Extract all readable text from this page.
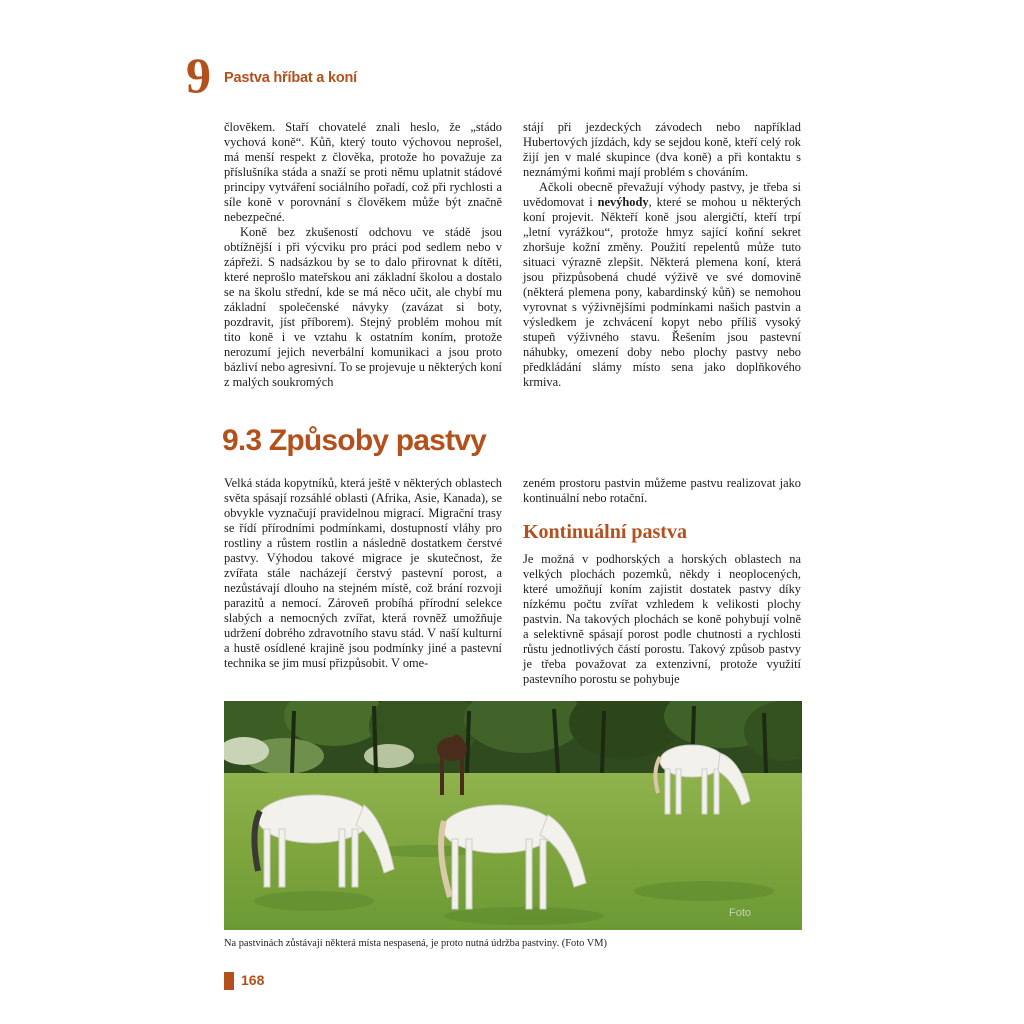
9 Pastva hříbat a koní

člověkem. Staří chovatelé znali heslo, že „stádo vychová koně“. Kůň, který touto výchovou neprošel, má menší respekt z člověka, protože ho považuje za příslušníka stáda a snaží se proti němu uplatnit stádové principy vytváření sociálního pořadí, což při rychlosti a síle koně v porovnání s člověkem může být značně nebezpečné.

Koně bez zkušeností odchovu ve stádě jsou obtížnější i při výcviku pro práci pod sedlem nebo v zápřeži. S nadsázkou by se to dalo přirovnat k dítěti, které neprošlo mateřskou ani základní školou a dostalo se na školu střední, kde se má něco učit, ale chybí mu základní společenské návyky (zavázat si boty, pozdravit, jíst příborem). Stejný problém mohou mít tito koně i ve vztahu k ostatním koním, protože nerozumí jejich neverbální komunikaci a jsou proto bázliví nebo agresivní. To se projevuje u některých koní z malých soukromých

stájí při jezdeckých závodech nebo například Hubertových jízdách, kdy se sejdou koně, kteří celý rok žijí jen v malé skupince (dva koně) a při kontaktu s neznámými koňmi mají problém s chováním.

Ačkoli obecně převažují výhody pastvy, je třeba si uvědomovat i nevýhody, které se mohou u některých koní projevit. Někteří koně jsou alergičtí, kteří trpí „letní vyrážkou“, protože hmyz sající koňní sekret zhoršuje kožní změny. Použití repelentů může tuto situaci výrazně zlepšit. Některá plemena koní, která jsou přizpůsobená chudé výživě ve své domovině (některá plemena pony, kabardinský kůň) se nemohou vyrovnat s výživnějšími podmínkami našich pastvin a výsledkem je zchvácení kopyt nebo příliš vysoký stupeň výživného stavu. Řešením jsou pastevní náhubky, omezení doby nebo plochy pastvy nebo předkládání slámy místo sena jako doplňkového krmiva.

9.3 Způsoby pastvy

Velká stáda kopytníků, která ještě v některých oblastech světa spásají rozsáhlé oblasti (Afrika, Asie, Kanada), se obvykle vyznačují pravidelnou migrací. Migrační trasy se řídí přírodními podmínkami, dostupností vláhy pro rostliny a růstem rostlin a následně dostatkem čerstvé pastvy. Výhodou takové migrace je skutečnost, že zvířata stále nacházejí čerstvý pastevní porost, a nezůstávají dlouho na stejném místě, což brání rozvoji parazitů a nemocí. Zároveň probíhá přírodní selekce slabých a nemocných zvířat, která rovněž umožňuje udržení dobrého zdravotního stavu stád. V naší kulturní a hustě osídlené krajině jsou podmínky jiné a pastevní technika se jim musí přizpůsobit. V ome-

zeném prostoru pastvin můžeme pastvu realizovat jako kontinuální nebo rotační.

Kontinuální pastva

Je možná v podhorských a horských oblastech na velkých plochách pozemků, někdy i neoplocených, které umožňují koním zajistit dostatek pastvy díky nízkému počtu zvířat vzhledem k velikosti plochy pastvin. Na takových plochách se koně pohybují volně a selektivně spásají porost podle chutnosti a rychlosti růstu jednotlivých částí porostu. Takový způsob pastvy je třeba považovat za extenzivní, protože využití pastevního porostu se pohybuje

Foto
Na pastvinách zůstávají některá místa nespasená, je proto nutná údržba pastviny. (Foto VM)
168
